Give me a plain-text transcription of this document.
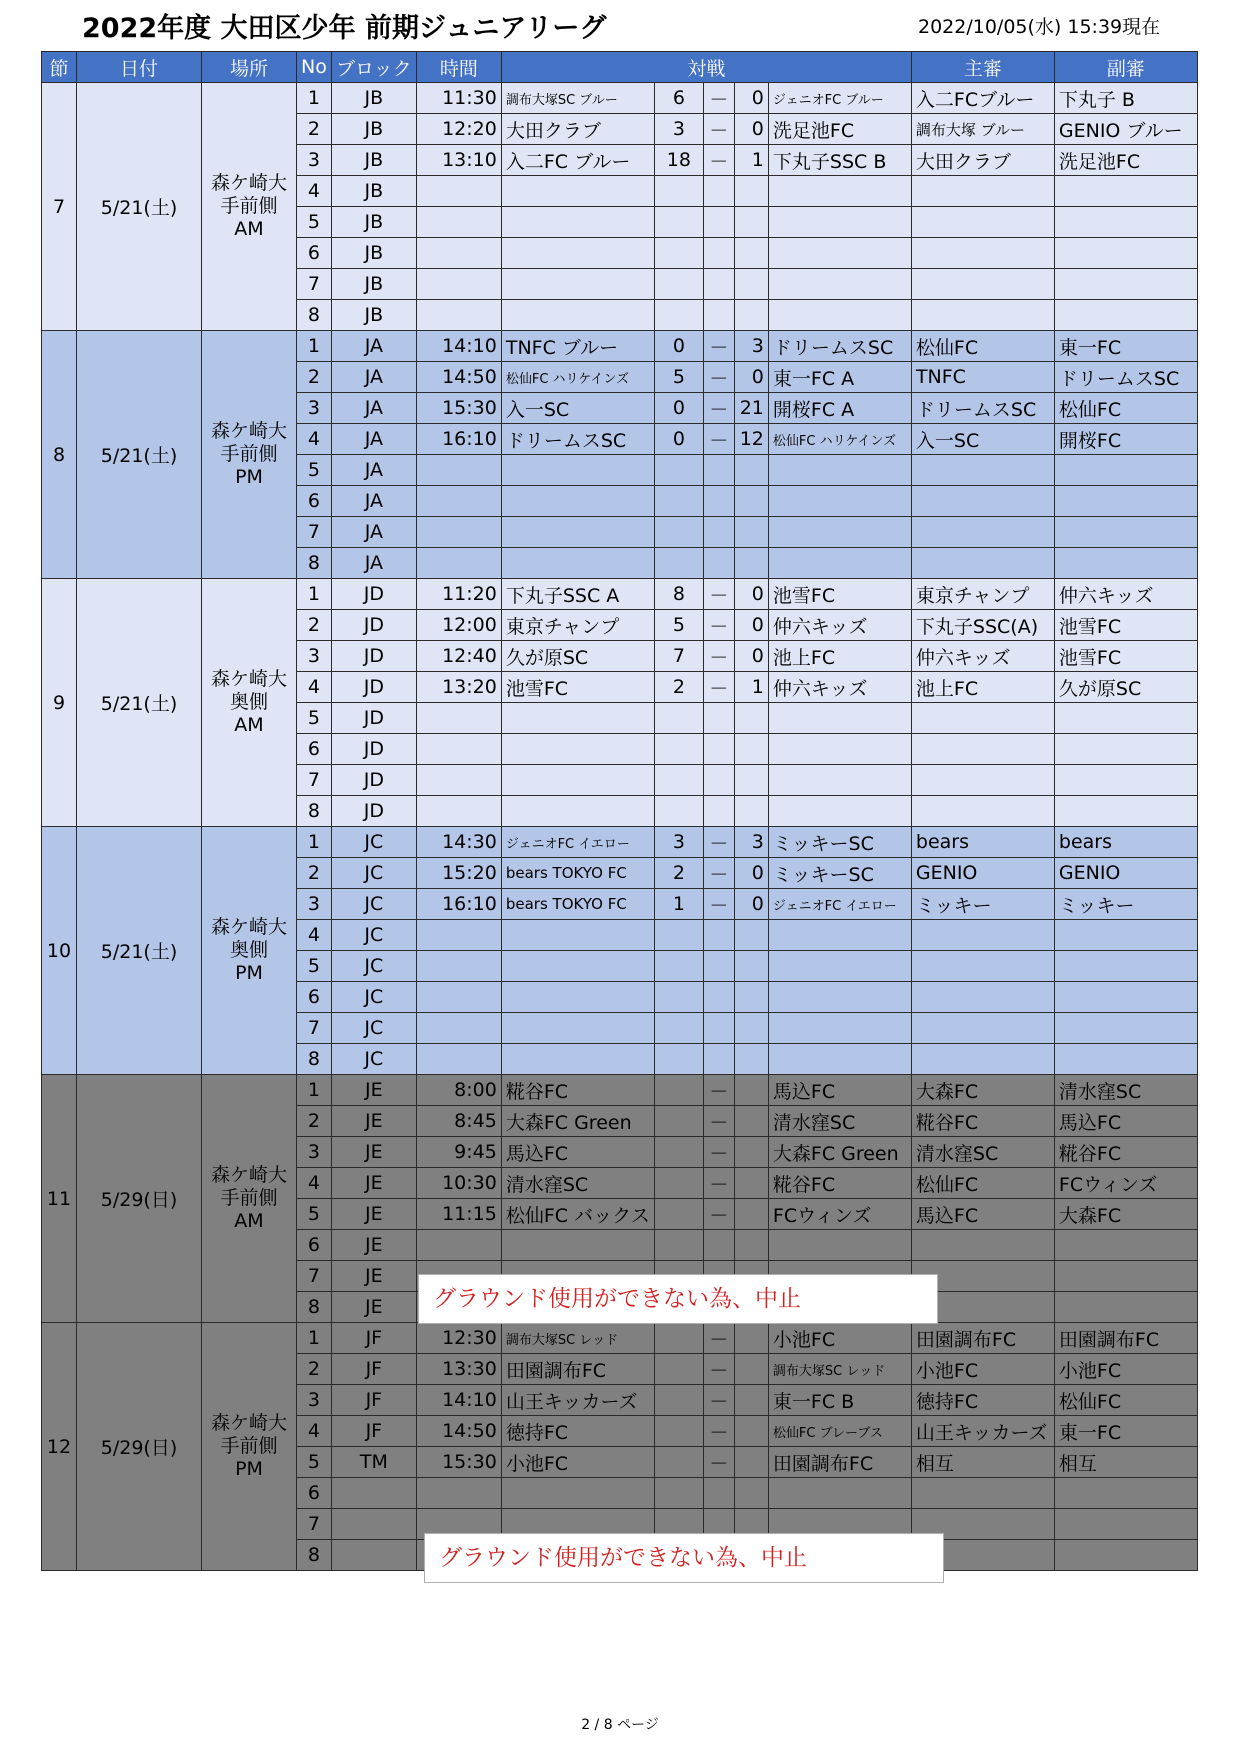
2022年度 大田区少年 前期ジュニアリーグ	2022/10/05(水) 15:39現在
節	日付	場所	No	ブロック	時間	対戦					主審	副審
7	5/21(土)	森ケ崎大
手前側
AM	1	JB	11:30	調布大塚SC ブルー	6	－	0	ジェニオFC ブルー	入二FCブルー	下丸子 B
			2	JB	12:20	大田クラブ	3	－	0	洗足池FC	調布大塚 ブルー	GENIO ブルー
			3	JB	13:10	入二FC ブルー	18	－	1	下丸子SSC B	大田クラブ	洗足池FC
			4	JB								
			5	JB								
			6	JB								
			7	JB								
			8	JB								
8	5/21(土)	森ケ崎大
手前側
PM	1	JA	14:10	TNFC ブルー	0	－	3	ドリームスSC	松仙FC	東一FC
			2	JA	14:50	松仙FC ハリケインズ	5	－	0	東一FC A	TNFC	ドリームスSC
			3	JA	15:30	入一SC	0	－	21	開桜FC A	ドリームスSC	松仙FC
			4	JA	16:10	ドリームスSC	0	－	12	松仙FC ハリケインズ	入一SC	開桜FC
			5	JA								
			6	JA								
			7	JA								
			8	JA								
9	5/21(土)	森ケ崎大
奥側
AM	1	JD	11:20	下丸子SSC A	8	－	0	池雪FC	東京チャンプ	仲六キッズ
			2	JD	12:00	東京チャンプ	5	－	0	仲六キッズ	下丸子SSC(A)	池雪FC
			3	JD	12:40	久が原SC	7	－	0	池上FC	仲六キッズ	池雪FC
			4	JD	13:20	池雪FC	2	－	1	仲六キッズ	池上FC	久が原SC
			5	JD								
			6	JD								
			7	JD								
			8	JD								
10	5/21(土)	森ケ崎大
奥側
PM	1	JC	14:30	ジェニオFC イエロー	3	－	3	ミッキーSC	bears	bears
			2	JC	15:20	bears TOKYO FC	2	－	0	ミッキーSC	GENIO	GENIO
			3	JC	16:10	bears TOKYO FC	1	－	0	ジェニオFC イエロー	ミッキー	ミッキー
			4	JC								
			5	JC								
			6	JC								
			7	JC								
			8	JC								
11	5/29(日)	森ケ崎大
手前側
AM	1	JE	8:00	糀谷FC		－		馬込FC	大森FC	清水窪SC
			2	JE	8:45	大森FC Green		－		清水窪SC	糀谷FC	馬込FC
			3	JE	9:45	馬込FC		－		大森FC Green	清水窪SC	糀谷FC
			4	JE	10:30	清水窪SC		－		糀谷FC	松仙FC	FCウィンズ
			5	JE	11:15	松仙FC バックス		－		FCウィンズ	馬込FC	大森FC
			6	JE								
			7	JE								
			8	JE								
12	5/29(日)	森ケ崎大
手前側
PM	1	JF	12:30	調布大塚SC レッド		－		小池FC	田園調布FC	田園調布FC
			2	JF	13:30	田園調布FC		－		調布大塚SC レッド	小池FC	小池FC
			3	JF	14:10	山王キッカーズ		－		東一FC B	徳持FC	松仙FC
			4	JF	14:50	徳持FC		－		松仙FC ブレーブス	山王キッカーズ	東一FC
			5	TM	15:30	小池FC		－		田園調布FC	相互	相互
			6									
			7									
			8									
グラウンド使用ができない為、中止
グラウンド使用ができない為、中止
2 / 8 ページ
